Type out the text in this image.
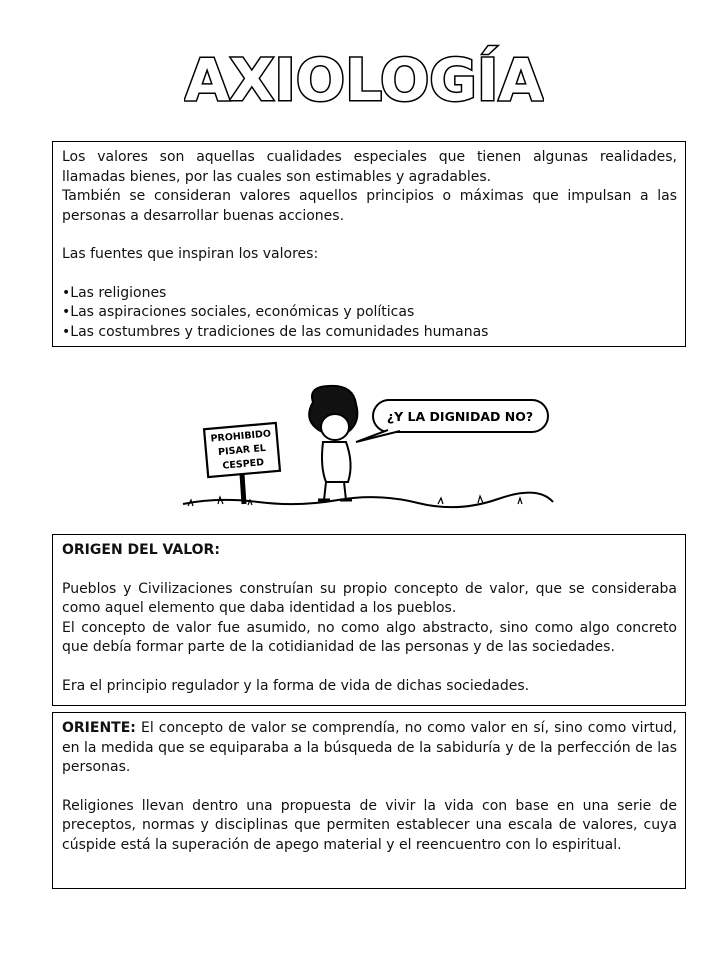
AXIOLOGÍA

Los valores son aquellas cualidades especiales que tienen algunas realidades, llamadas bienes, por las cuales son estimables y agradables.

También se consideran valores aquellos principios o máximas que impulsan a las personas a desarrollar buenas acciones.

Las fuentes que inspiran los valores:

• Las religiones
• Las aspiraciones sociales, económicas y políticas
• Las costumbres y tradiciones de las comunidades humanas
PROHIBIDO
PISAR EL
CESPED
¿Y LA DIGNIDAD NO?

ORIGEN DEL VALOR:

Pueblos y Civilizaciones construían su propio concepto de valor, que se consideraba como aquel elemento que daba identidad a los pueblos.

El concepto de valor fue asumido, no como algo abstracto, sino como algo concreto que debía formar parte de la cotidianidad de las personas y de las sociedades.

Era el principio regulador y la forma de vida de dichas sociedades.

ORIENTE: El concepto de valor se comprendía, no como valor en sí, sino como virtud, en la medida que se equiparaba a la búsqueda de la sabiduría y de la perfección de las personas.

Religiones llevan dentro una propuesta de vivir la vida con base en una serie de preceptos, normas y disciplinas que permiten establecer una escala de valores, cuya cúspide está la superación de apego material y el reencuentro con lo espiritual.
